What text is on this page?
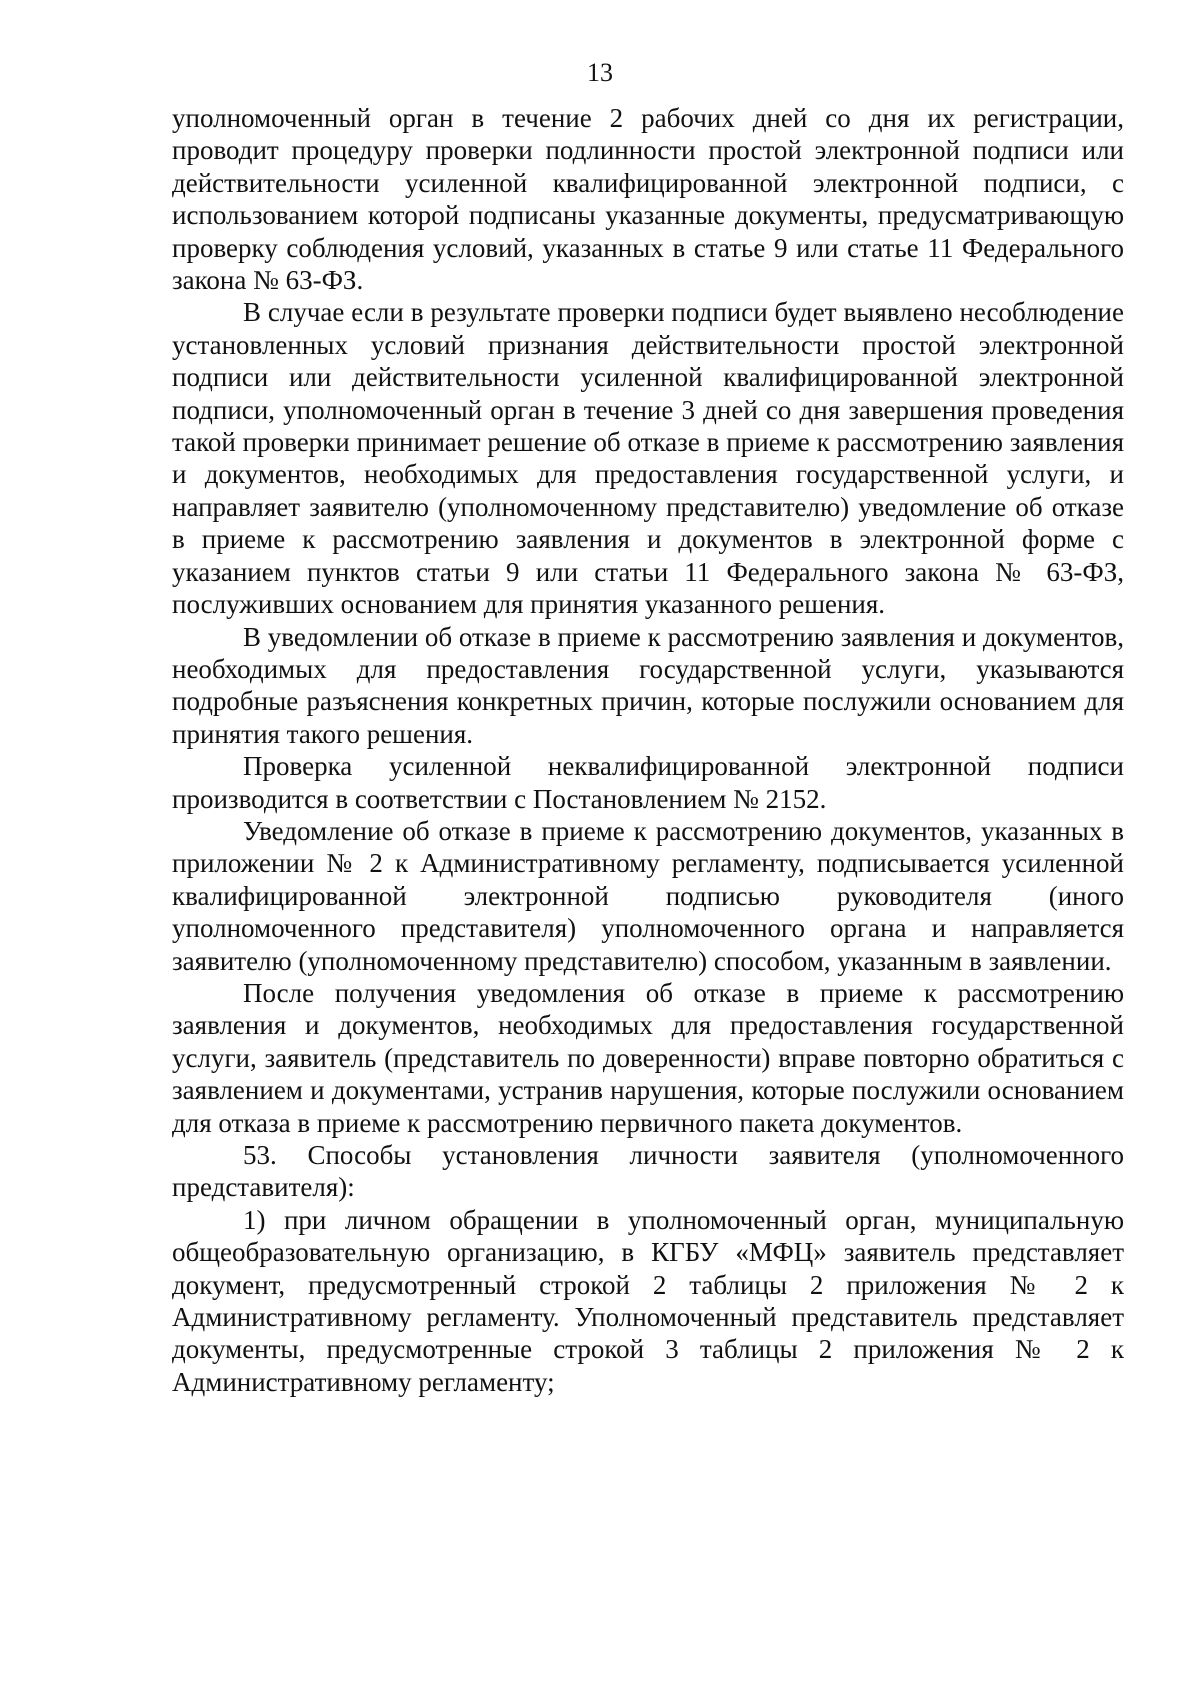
13

уполномоченный орган в течение 2 рабочих дней со дня их регистрации, проводит процедуру проверки подлинности простой электронной подписи или действительности усиленной квалифицированной электронной подписи, с использованием которой подписаны указанные документы, предусматривающую проверку соблюдения условий, указанных в статье 9 или статье 11 Федерального закона № 63-ФЗ.

В случае если в результате проверки подписи будет выявлено несоблюдение установленных условий признания действительности простой электронной подписи или действительности усиленной квалифицированной электронной подписи, уполномоченный орган в течение 3 дней со дня завершения проведения такой проверки принимает решение об отказе в приеме к рассмотрению заявления и документов, необходимых для предоставления государственной услуги, и направляет заявителю (уполномоченному представителю) уведомление об отказе в приеме к рассмотрению заявления и документов в электронной форме с указанием пунктов статьи 9 или статьи 11 Федерального закона № 63-ФЗ, послуживших основанием для принятия указанного решения.

В уведомлении об отказе в приеме к рассмотрению заявления и документов, необходимых для предоставления государственной услуги, указываются подробные разъяснения конкретных причин, которые послужили основанием для принятия такого решения.

Проверка усиленной неквалифицированной электронной подписи производится в соответствии с Постановлением № 2152.

Уведомление об отказе в приеме к рассмотрению документов, указанных в приложении № 2 к Административному регламенту, подписывается усиленной квалифицированной электронной подписью руководителя (иного уполномоченного представителя) уполномоченного органа и направляется заявителю (уполномоченному представителю) способом, указанным в заявлении.

После получения уведомления об отказе в приеме к рассмотрению заявления и документов, необходимых для предоставления государственной услуги, заявитель (представитель по доверенности) вправе повторно обратиться с заявлением и документами, устранив нарушения, которые послужили основанием для отказа в приеме к рассмотрению первичного пакета документов.

53. Способы установления личности заявителя (уполномоченного представителя):

1) при личном обращении в уполномоченный орган, муниципальную общеобразовательную организацию, в КГБУ «МФЦ» заявитель представляет документ, предусмотренный строкой 2 таблицы 2 приложения № 2 к Административному регламенту. Уполномоченный представитель представляет документы, предусмотренные строкой 3 таблицы 2 приложения № 2 к Административному регламенту;
